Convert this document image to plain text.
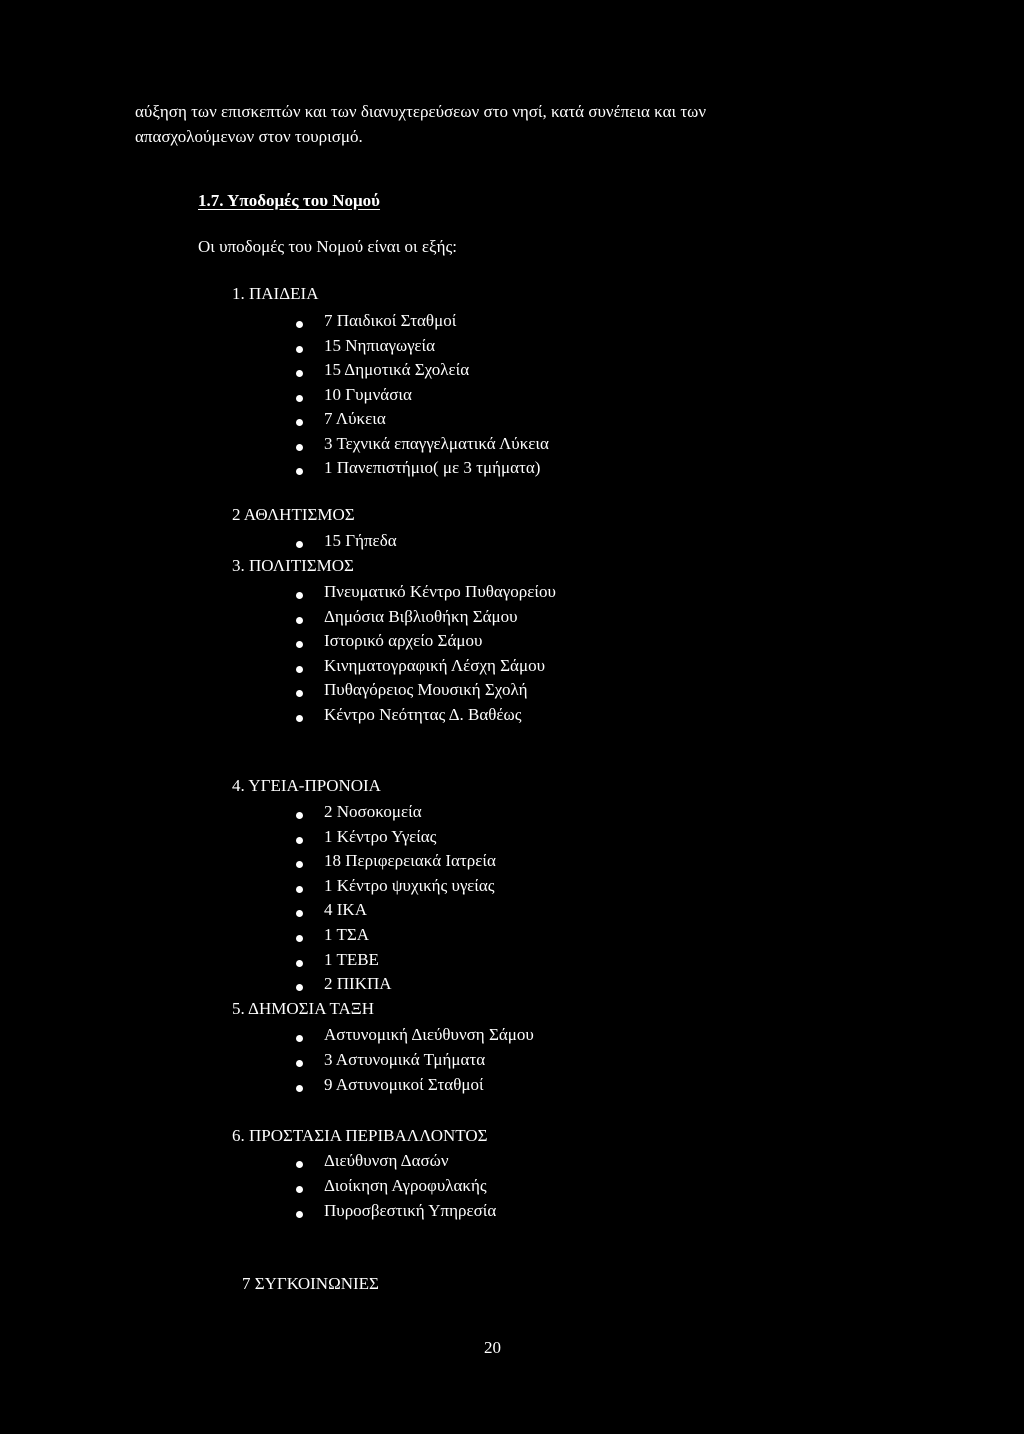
αύξηση των επισκεπτών και των διανυχτερεύσεων στο νησί, κατά συνέπεια και των
απασχολούμενων στον τουρισμό.
1.7. Υποδομές του Νομού
Οι υποδομές του Νομού είναι οι εξής:
1. ΠΑΙΔΕΙΑ
7 Παιδικοί Σταθμοί
15 Νηπιαγωγεία
15 Δημοτικά Σχολεία
10 Γυμνάσια
7 Λύκεια
3 Τεχνικά επαγγελματικά Λύκεια
1 Πανεπιστήμιο( με 3 τμήματα)
2 ΑΘΛΗΤΙΣΜΟΣ
15 Γήπεδα
3. ΠΟΛΙΤΙΣΜΟΣ
Πνευματικό Κέντρο Πυθαγορείου
Δημόσια Βιβλιοθήκη Σάμου
Ιστορικό αρχείο Σάμου
Κινηματογραφική Λέσχη Σάμου
Πυθαγόρειος Μουσική Σχολή
Κέντρο Νεότητας Δ. Βαθέως
4. ΥΓΕΙΑ-ΠΡΟΝΟΙΑ
2 Νοσοκομεία
1 Κέντρο Υγείας
18 Περιφερειακά Ιατρεία
1 Κέντρο ψυχικής υγείας
4 ΙΚΑ
1 ΤΣΑ
1 ΤΕΒΕ
2 ΠΙΚΠΑ
5. ΔΗΜΟΣΙΑ ΤΑΞΗ
Αστυνομική Διεύθυνση Σάμου
3 Αστυνομικά Τμήματα
9 Αστυνομικοί Σταθμοί
6. ΠΡΟΣΤΑΣΙΑ ΠΕΡΙΒΑΛΛΟΝΤΟΣ
Διεύθυνση Δασών
Διοίκηση Αγροφυλακής
Πυροσβεστική Υπηρεσία
7 ΣΥΓΚΟΙΝΩΝΙΕΣ
20
